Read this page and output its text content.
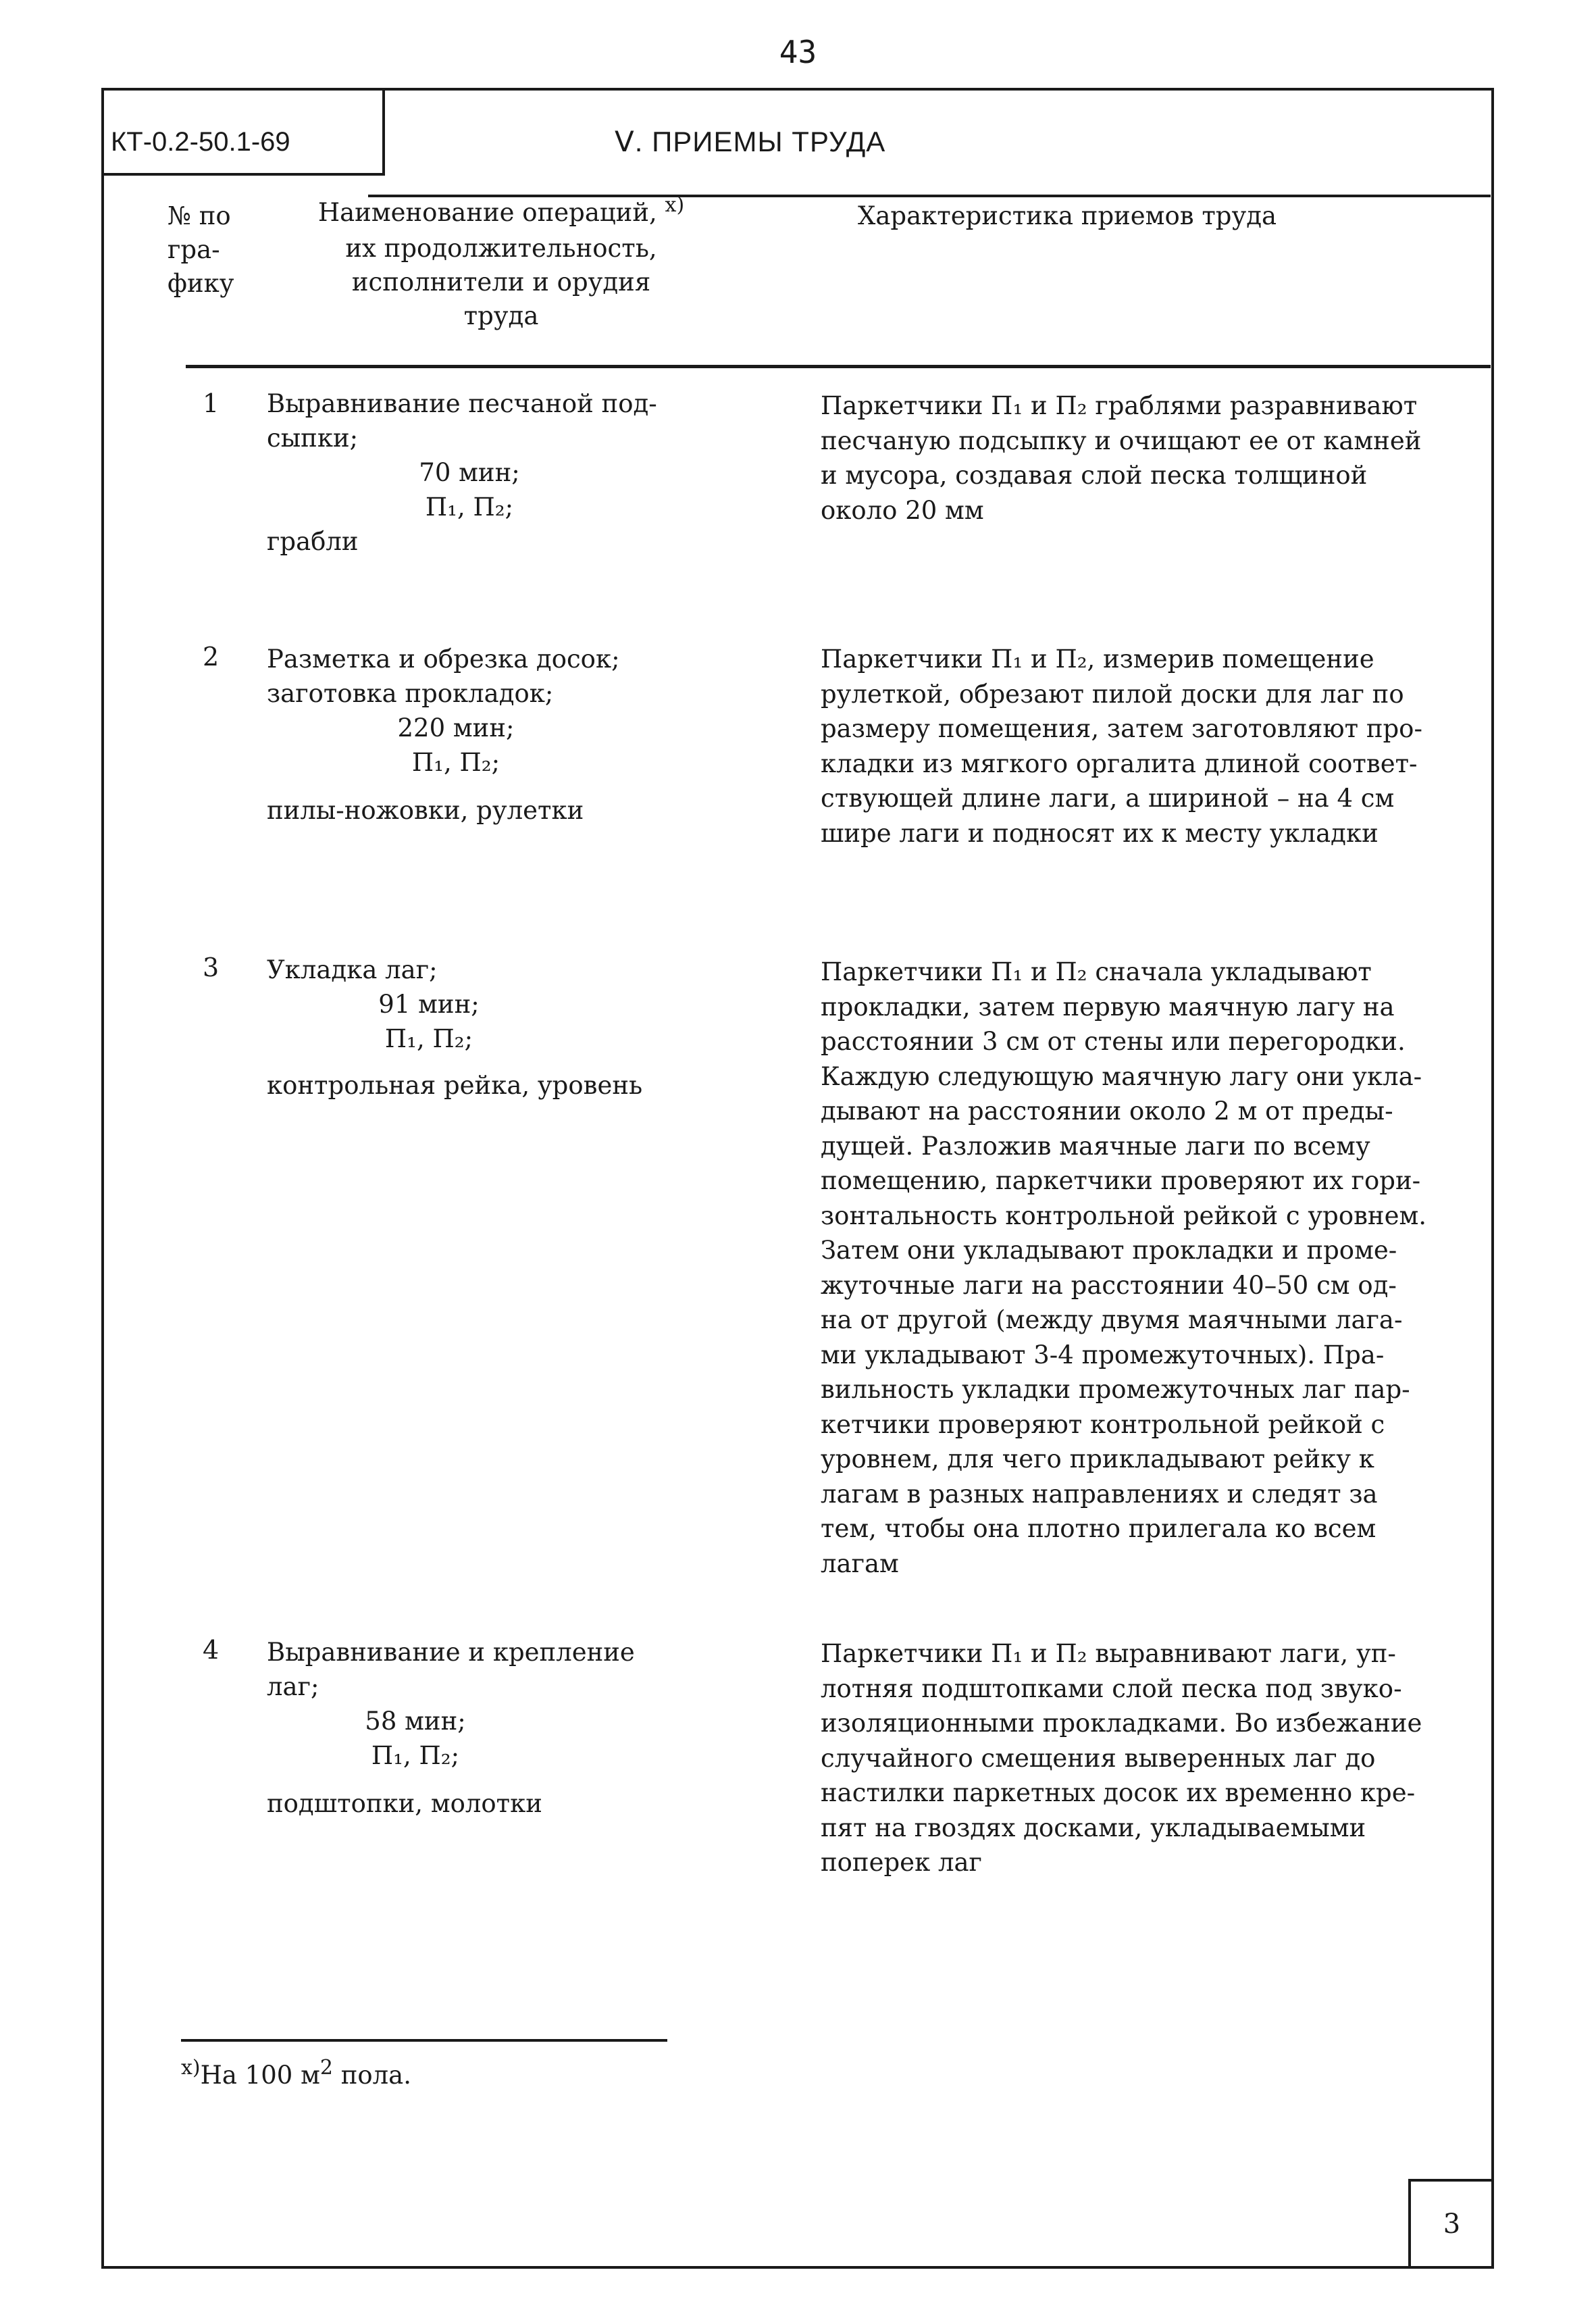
43
КТ-0.2-50.1-69	Ⅴ. ПРИЕМЫ ТРУДА
№ по
гра-
фику
Наименование операций, $^{x)}$
их продолжительность,
исполнители и орудия
труда
Характеристика приемов труда
1 Выравнивание песчаной под-
сыпки;
70 мин;
П₁, П₂;
грабли
Паркетчики П₁ и П₂ граблями разравнивают
песчаную подсыпку и очищают ее от камней
и мусора, создавая слой песка толщиной
около 20 мм
2 Разметка и обрезка досок;
заготовка прокладок;
220 мин;
П₁, П₂;
пилы-ножовки, рулетки
Паркетчики П₁ и П₂, измерив помещение
рулеткой, обрезают пилой доски для лаг по
размеру помещения, затем заготовляют про-
кладки из мягкого оргалита длиной соответ-
ствующей длине лаги, а шириной – на 4 см
шире лаги и подносят их к месту укладки
3 Укладка лаг;
91 мин;
П₁, П₂;
контрольная рейка, уровень
Паркетчики П₁ и П₂ сначала укладывают
прокладки, затем первую маячную лагу на
расстоянии 3 см от стены или перегородки.
Каждую следующую маячную лагу они укла-
дывают на расстоянии около 2 м от преды-
дущей. Разложив маячные лаги по всему
помещению, паркетчики проверяют их гори-
зонтальность контрольной рейкой с уровнем.
Затем они укладывают прокладки и проме-
жуточные лаги на расстоянии 40–50 см од-
на от другой (между двумя маячными лага-
ми укладывают 3-4 промежуточных). Пра-
вильность укладки промежуточных лаг пар-
кетчики проверяют контрольной рейкой с
уровнем, для чего прикладывают рейку к
лагам в разных направлениях и следят за
тем, чтобы она плотно прилегала ко всем
лагам
4 Выравнивание и крепление
лаг;
58 мин;
П₁, П₂;
подштопки, молотки
Паркетчики П₁ и П₂ выравнивают лаги, уп-
лотняя подштопками слой песка под звуко-
изоляционными прокладками. Во избежание
случайного смещения выверенных лаг до
настилки паркетных досок их временно кре-
пят на гвоздях досками, укладываемыми
поперек лаг
$^{x)}$На 100 $м^2$ пола.
3
